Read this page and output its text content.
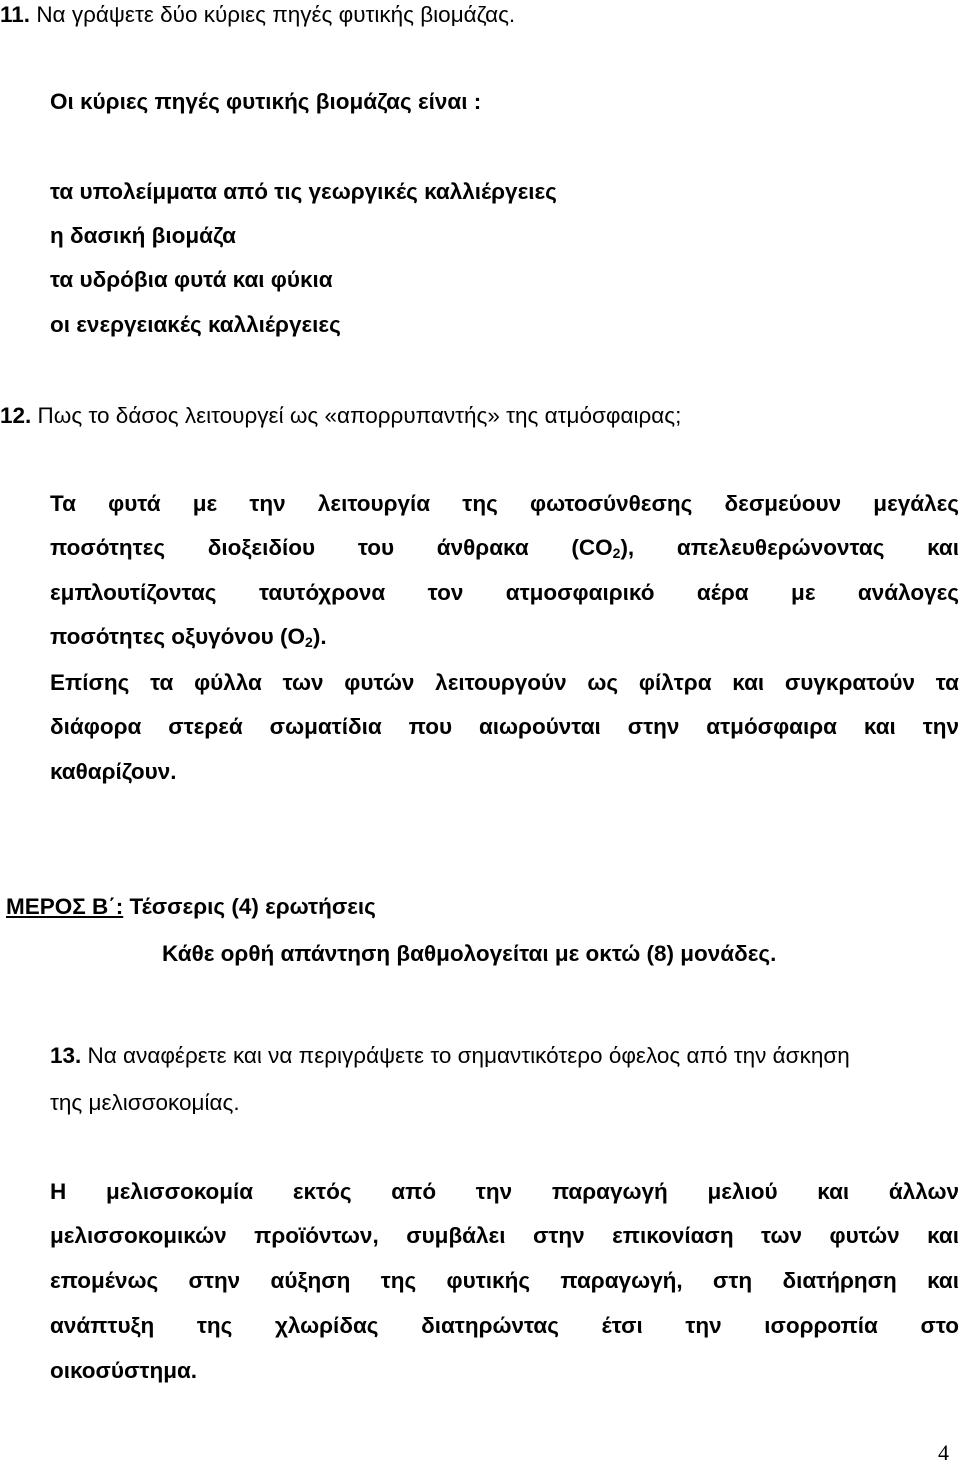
11. Να γράψετε δύο κύριες πηγές φυτικής βιομάζας.
Οι κύριες πηγές φυτικής βιομάζας είναι :
τα υπολείμματα από τις γεωργικές καλλιέργειες
η δασική βιομάζα
τα υδρόβια φυτά και φύκια
οι ενεργειακές καλλιέργειες
12. Πως το δάσος λειτουργεί ως «απορρυπαντής» της ατμόσφαιρας;
Τα φυτά με την λειτουργία της φωτοσύνθεσης δεσμεύουν μεγάλες
ποσότητες διοξειδίου του άνθρακα $(CO_2)$, απελευθερώνοντας και
εμπλουτίζοντας ταυτόχρονα τον ατμοσφαιρικό αέρα με ανάλογες
ποσότητες οξυγόνου $(O_2)$.
Επίσης τα φύλλα των φυτών λειτουργούν ως φίλτρα και συγκρατούν τα
διάφορα στερεά σωματίδια που αιωρούνται στην ατμόσφαιρα και την
καθαρίζουν.
ΜΕΡΟΣ Β΄: Τέσσερις (4) ερωτήσεις
Κάθε ορθή απάντηση βαθμολογείται με οκτώ (8) μονάδες.
13. Να αναφέρετε και να περιγράψετε το σημαντικότερο όφελος από την άσκηση
της μελισσοκομίας.
Η μελισσοκομία εκτός από την παραγωγή μελιού και άλλων
μελισσοκομικών προϊόντων, συμβάλει στην επικονίαση των φυτών και
επομένως στην αύξηση της φυτικής παραγωγή, στη διατήρηση και
ανάπτυξη της χλωρίδας διατηρώντας έτσι την ισορροπία στο
οικοσύστημα.
4
